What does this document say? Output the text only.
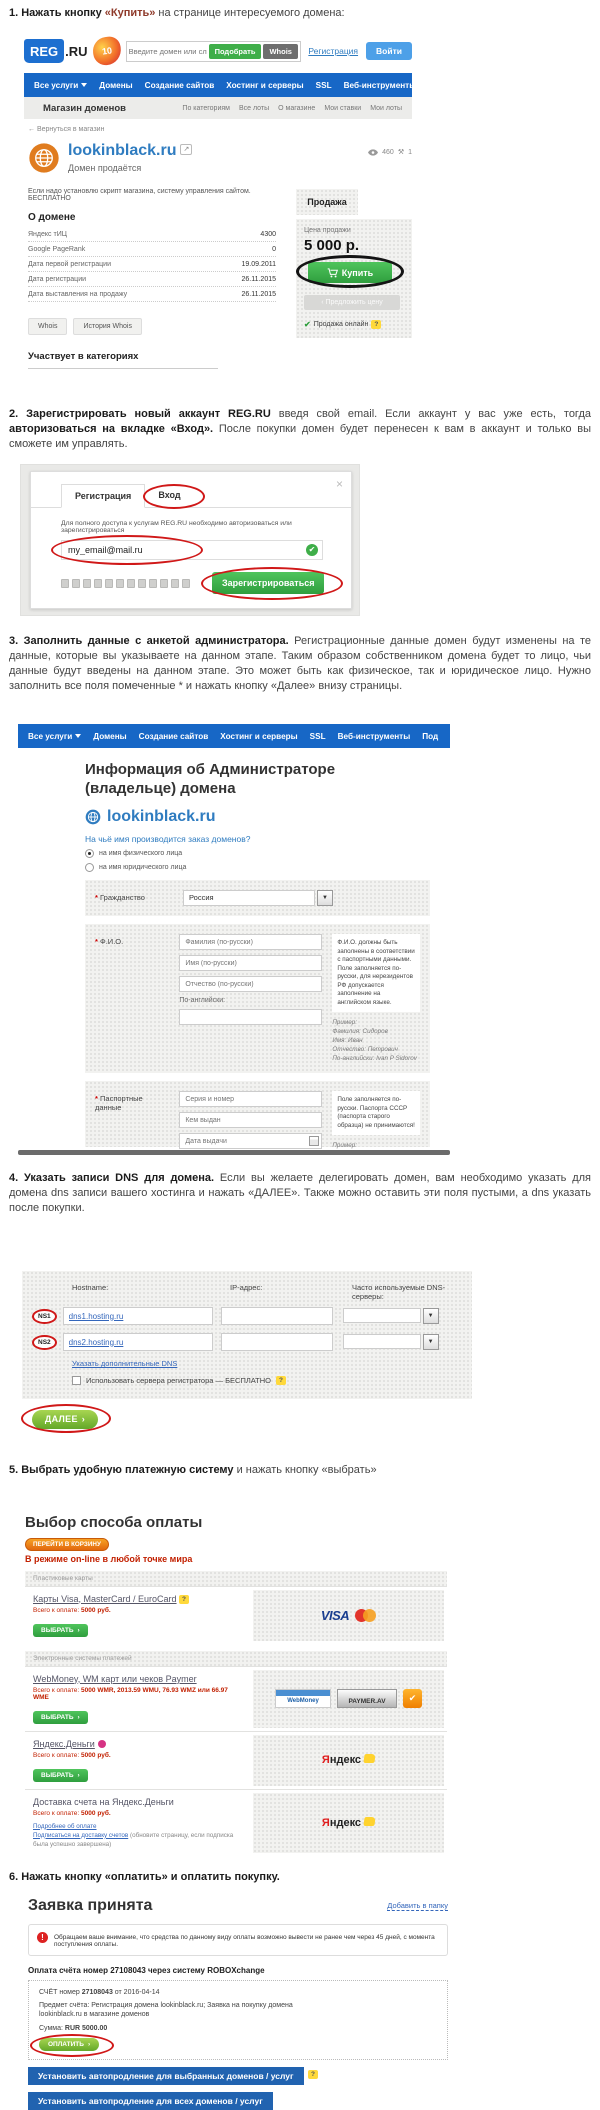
1. Нажать кнопку «Купить» на странице интересуемого домена:

REG .RU 10
Введите домен или слово	Подобрать	Whois	Регистрация	Войти
Все услуги	Домены Создание сайтов Хостинг и серверы SSL Веб-инструменты Поддержка
Магазин доменов	По категориям Все лоты О магазине Мои ставки Мои лоты
← Вернуться в магазин
lookinblack.ru ↗
Домен продаётся
460 ⚒ 1
Если надо установлю скрипт магазина, систему управления сайтом. БЕСПЛАТНО
О домене
Яндекс тИЦ	4300
Google PageRank	0
Дата первой регистрации	19.09.2011
Дата регистрации	26.11.2015
Дата выставления на продажу	26.11.2015
Whois	История Whois
Участвует в категориях
Продажа
Цена продажи
5 000 р.
Купить
‹ Предложить цену
✔ Продажа онлайн ?

2. Зарегистрировать новый аккаунт REG.RU введя свой email. Если аккаунт у вас уже есть, тогда авторизоваться на вкладке «Вход». После покупки домен будет перенесен к вам в аккаунт и только вы сможете им управлять.

×
Регистрация	Вход
Для полного доступа к услугам REG.RU необходимо авторизоваться или зарегистрироваться
my_email@mail.ru
✔
Зарегистрироваться

3. Заполнить данные с анкетой администратора. Регистрационные данные домен будут изменены на те данные, которые вы указываете на данном этапе. Таким образом собственником домена будет то лицо, чьи данные будут введены на данном этапе. Это может быть как физическое, так и юридическое лицо. Нужно заполнить все поля помеченные * и нажать кнопку «Далее» внизу страницы.

Все услуги	Домены Создание сайтов Хостинг и серверы SSL Веб-инструменты Под
Информация об Администраторе (владельце) домена
lookinblack.ru
На чьё имя производится заказ доменов?
на имя физического лица
на имя юридического лица
* Гражданство	Россия	▼
* Ф.И.О.
Фамилия (по-русски)
Имя (по-русски)
Отчество (по-русски)
По-английски:
Ф.И.О. должны быть заполнены в соответствии с паспортными данными. Поле заполняется по-русски, для нерезидентов РФ допускается заполнение на английском языке.
Пример:
Фамилия: Сидоров
Имя: Иван
Отчество: Петрович
По-английски: Ivan P Sidorov
* Паспортные данные
Серия и номер
Кем выдан
Дата выдачи
Поле заполняется по-русски. Паспорта СССР (паспорта старого образца) не принимаются!
Пример:

4. Указать записи DNS для домена. Если вы желаете делегировать домен, вам необходимо указать для домена dns записи вашего хостинга и нажать «ДАЛЕЕ». Также можно оставить эти поля пустыми, а dns указать после покупки.

Hostname:	IP-адрес:	Часто используемые DNS-серверы:
NS1
dns1.hosting.ru	▼
NS2
dns2.hosting.ru	▼
Указать дополнительные DNS
Использовать сервера регистратора — БЕСПЛАТНО	?
ДАЛЕЕ ›

5. Выбрать удобную платежную систему и нажать кнопку «выбрать»

Выбор способа оплаты
ПЕРЕЙТИ В КОРЗИНУ
В режиме on-line в любой точке мира
Пластиковые карты
Карты Visa, MasterCard / EuroCard ?
Всего к оплате: 5000 руб.
ВЫБРАТЬ ›
VISA
Электронные системы платежей
WebMoney, WM карт или чеков Paymer
Всего к оплате: 5000 WMR, 2013.59 WMU, 76.93 WMZ или 66.97 WME
ВЫБРАТЬ ›
WebMoney	PAYMER.AV	✔
Яндекс.Деньги
Всего к оплате: 5000 руб.
ВЫБРАТЬ ›
Яндекс
Доставка счета на Яндекс.Деньги
Всего к оплате: 5000 руб.
Подробнее об оплате
Подписаться на доставку счетов (обновите страницу, если подписка была успешно завершена)
Яндекс

6. Нажать кнопку «оплатить» и оплатить покупку.

Заявка принята	Добавить в папку
!	Обращаем ваше внимание, что средства по данному виду оплаты возможно вывести не ранее чем через 45 дней, с момента поступления оплаты.

Оплата счёта номер 27108043 через систему ROBOXchange
СЧЁТ номер 27108043 от 2016-04-14
Предмет счёта: Регистрация домена lookinblack.ru; Заявка на покупку домена lookinblack.ru в магазине доменов
Сумма: RUR 5000.00
ОПЛАТИТЬ ›
Установить автопродление для выбранных доменов / услуг	?
Установить автопродление для всех доменов / услуг
